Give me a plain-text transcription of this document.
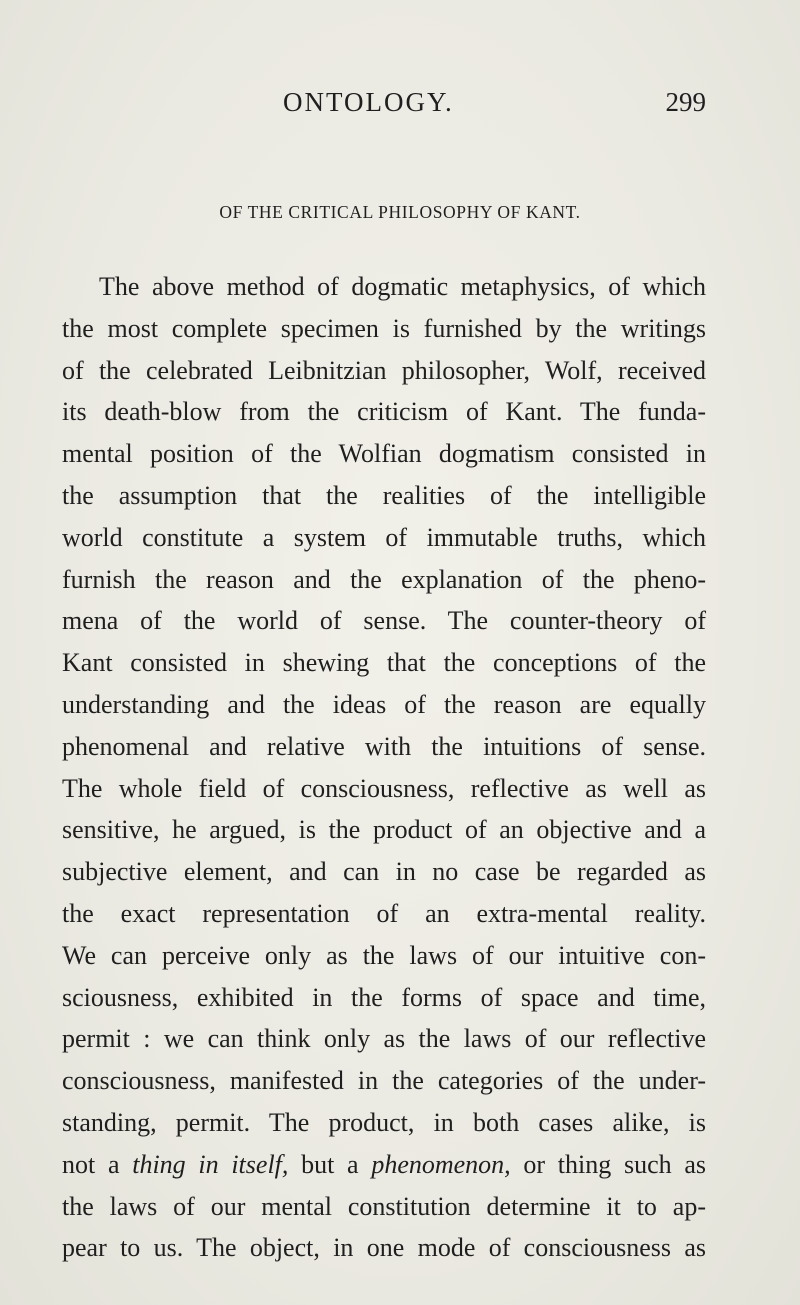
ONTOLOGY.	299
OF THE CRITICAL PHILOSOPHY OF KANT.
The above method of dogmatic metaphysics, of which
the most complete specimen is furnished by the writings
of the celebrated Leibnitzian philosopher, Wolf, received
its death-blow from the criticism of Kant. The funda-
mental position of the Wolfian dogmatism consisted in
the assumption that the realities of the intelligible
world constitute a system of immutable truths, which
furnish the reason and the explanation of the pheno-
mena of the world of sense. The counter-theory of
Kant consisted in shewing that the conceptions of the
understanding and the ideas of the reason are equally
phenomenal and relative with the intuitions of sense.
The whole field of consciousness, reflective as well as
sensitive, he argued, is the product of an objective and a
subjective element, and can in no case be regarded as
the exact representation of an extra-mental reality.
We can perceive only as the laws of our intuitive con-
sciousness, exhibited in the forms of space and time,
permit : we can think only as the laws of our reflective
consciousness, manifested in the categories of the under-
standing, permit. The product, in both cases alike, is
not a thing in itself, but a phenomenon, or thing such as
the laws of our mental constitution determine it to ap-
pear to us. The object, in one mode of consciousness as
